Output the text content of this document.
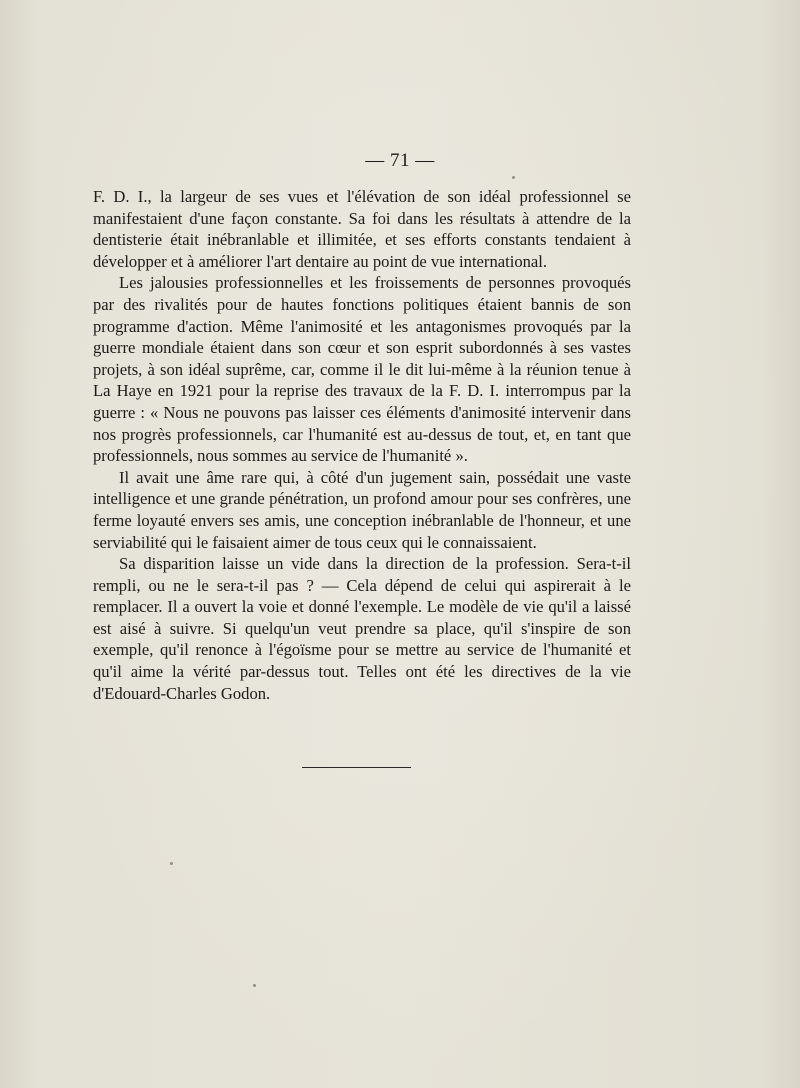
— 71 —

F. D. I., la largeur de ses vues et l'élévation de son idéal professionnel se manifestaient d'une façon constante. Sa foi dans les résultats à attendre de la dentisterie était inébranlable et illimitée, et ses efforts constants tendaient à développer et à améliorer l'art dentaire au point de vue international.

Les jalousies professionnelles et les froissements de personnes provoqués par des rivalités pour de hautes fonctions politiques étaient bannis de son programme d'action. Même l'animosité et les antagonismes provoqués par la guerre mondiale étaient dans son cœur et son esprit subordonnés à ses vastes projets, à son idéal suprême, car, comme il le dit lui-même à la réunion tenue à La Haye en 1921 pour la reprise des travaux de la F. D. I. interrompus par la guerre : « Nous ne pouvons pas laisser ces éléments d'animosité intervenir dans nos progrès professionnels, car l'humanité est au-dessus de tout, et, en tant que professionnels, nous sommes au service de l'humanité ».

Il avait une âme rare qui, à côté d'un jugement sain, possédait une vaste intelligence et une grande pénétration, un profond amour pour ses confrères, une ferme loyauté envers ses amis, une conception inébranlable de l'honneur, et une serviabilité qui le faisaient aimer de tous ceux qui le connaissaient.

Sa disparition laisse un vide dans la direction de la profession. Sera-t-il rempli, ou ne le sera-t-il pas ? — Cela dépend de celui qui aspirerait à le remplacer. Il a ouvert la voie et donné l'exemple. Le modèle de vie qu'il a laissé est aisé à suivre. Si quelqu'un veut prendre sa place, qu'il s'inspire de son exemple, qu'il renonce à l'égoïsme pour se mettre au service de l'humanité et qu'il aime la vérité par-dessus tout. Telles ont été les directives de la vie d'Edouard-Charles Godon.
